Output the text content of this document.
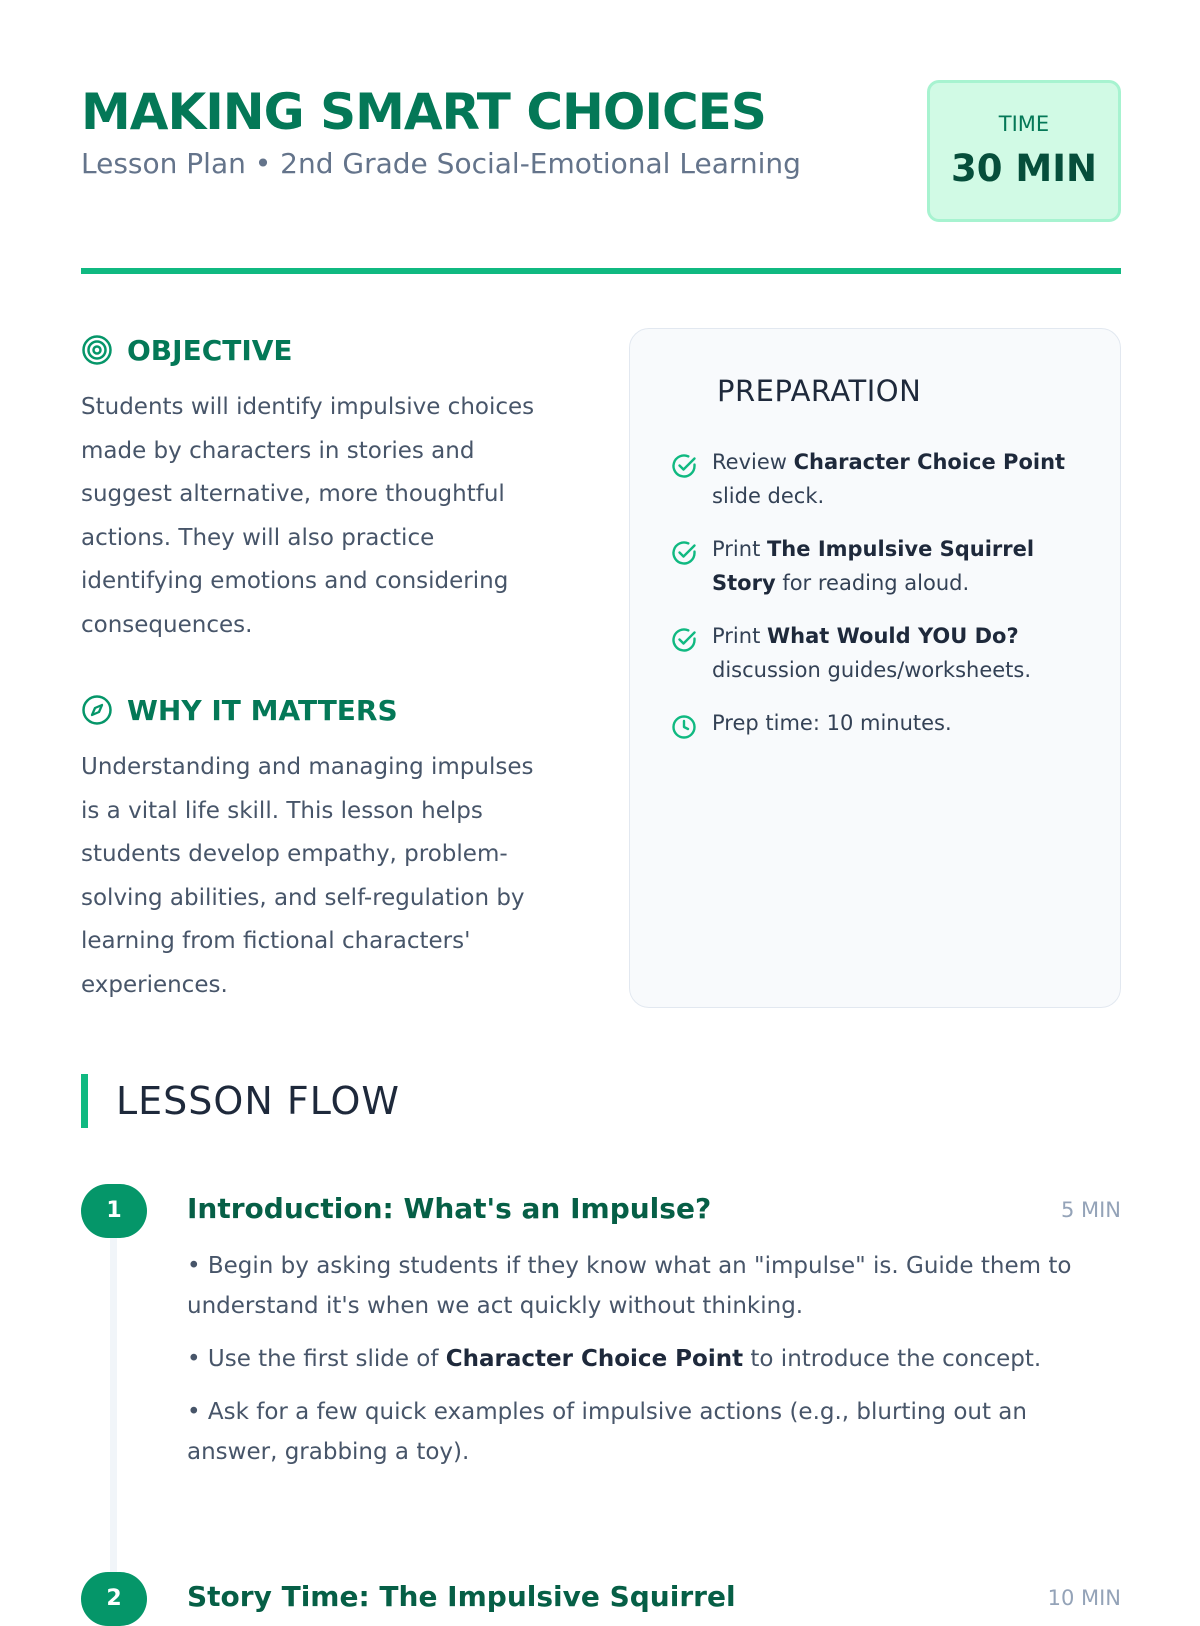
MAKING SMART CHOICES
Lesson Plan • 2nd Grade Social-Emotional Learning
TIME
30 MIN
OBJECTIVE

Students will identify impulsive choices made by characters in stories and suggest alternative, more thoughtful actions. They will also practice identifying emotions and considering consequences.

WHY IT MATTERS

Understanding and managing impulses is a vital life skill. This lesson helps students develop empathy, problem-solving abilities, and self-regulation by learning from fictional characters' experiences.

PREPARATION
Review Character Choice Point slide deck.
Print The Impulsive Squirrel Story for reading aloud.
Print What Would YOU Do? discussion guides/worksheets.
Prep time: 10 minutes.
LESSON FLOW
1	Introduction: What's an Impulse?	5 MIN
• Begin by asking students if they know what an "impulse" is. Guide them to understand it's when we act quickly without thinking.
• Use the first slide of Character Choice Point to introduce the concept.
• Ask for a few quick examples of impulsive actions (e.g., blurting out an answer, grabbing a toy).
2	Story Time: The Impulsive Squirrel	10 MIN
